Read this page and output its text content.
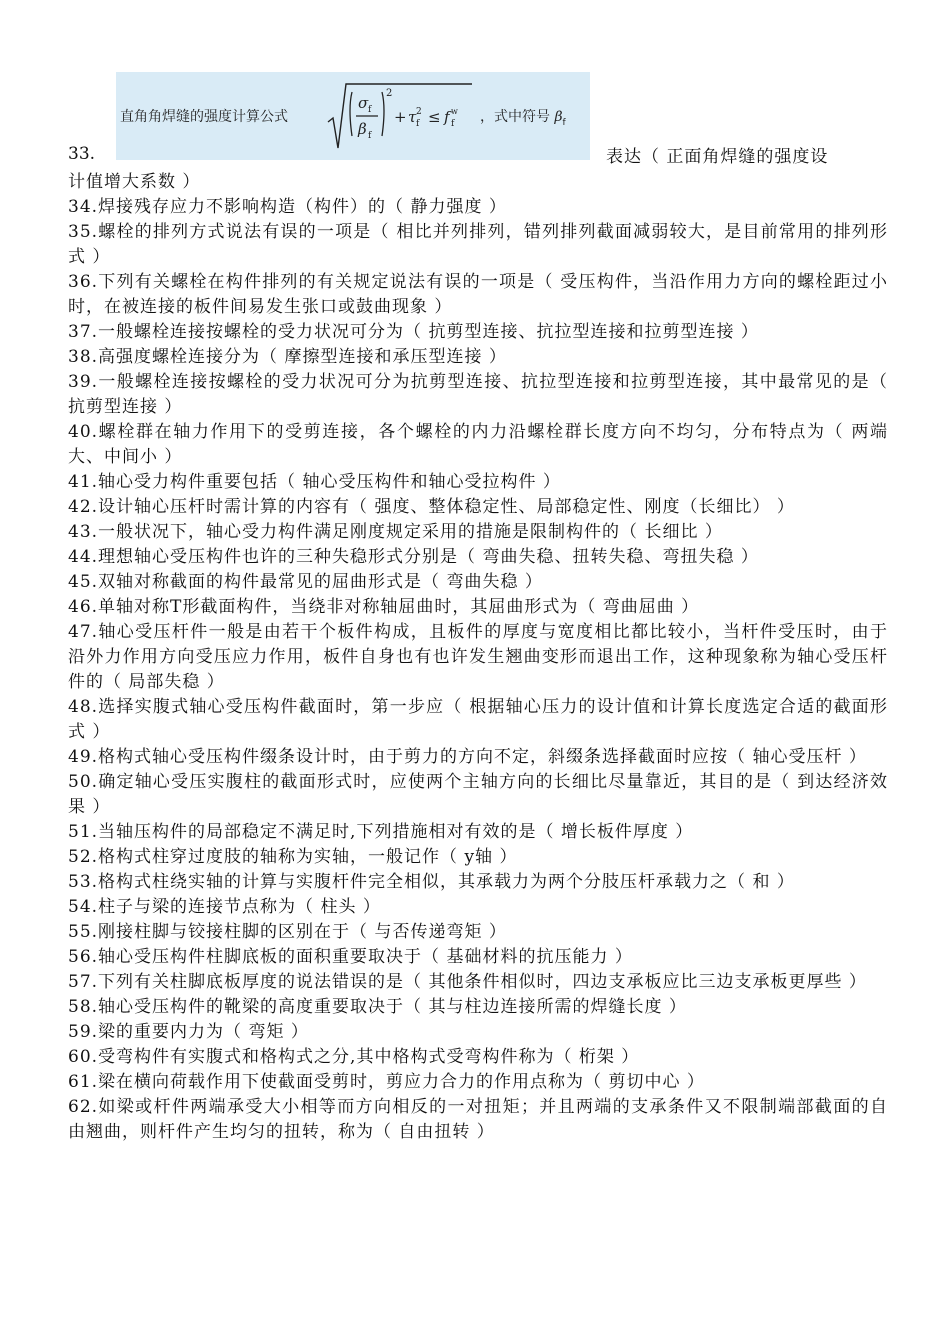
33.
直角角焊缝的强度计算公式
σ f
β f
2
+ τ f
2 ≤ f f
w ，式中符号 $\beta_f$
表达（ 正面角焊缝的强度设
计值增大系数 ）
34.焊接残存应力不影响构造（构件）的（ 静力强度 ）
35.螺栓的排列方式说法有误的一项是（ 相比并列排列，错列排列截面减弱较大，是目前常用的排列形式 ）
36.下列有关螺栓在构件排列的有关规定说法有误的一项是（ 受压构件，当沿作用力方向的螺栓距过小时，在被连接的板件间易发生张口或鼓曲现象 ）
37.一般螺栓连接按螺栓的受力状况可分为（ 抗剪型连接、抗拉型连接和拉剪型连接 ）
38.高强度螺栓连接分为（ 摩擦型连接和承压型连接 ）
39.一般螺栓连接按螺栓的受力状况可分为抗剪型连接、抗拉型连接和拉剪型连接，其中最常见的是（ 抗剪型连接 ）
40.螺栓群在轴力作用下的受剪连接，各个螺栓的内力沿螺栓群长度方向不均匀，分布特点为（ 两端大、中间小 ）
41.轴心受力构件重要包括（ 轴心受压构件和轴心受拉构件 ）
42.设计轴心压杆时需计算的内容有（ 强度、整体稳定性、局部稳定性、刚度（长细比） ）
43.一般状况下，轴心受力构件满足刚度规定采用的措施是限制构件的（ 长细比 ）
44.理想轴心受压构件也许的三种失稳形式分别是（ 弯曲失稳、扭转失稳、弯扭失稳 ）
45.双轴对称截面的构件最常见的屈曲形式是（ 弯曲失稳 ）
46.单轴对称T形截面构件，当绕非对称轴屈曲时，其屈曲形式为（ 弯曲屈曲 ）
47.轴心受压杆件一般是由若干个板件构成，且板件的厚度与宽度相比都比较小，当杆件受压时，由于沿外力作用方向受压应力作用，板件自身也有也许发生翘曲变形而退出工作，这种现象称为轴心受压杆件的（ 局部失稳 ）
48.选择实腹式轴心受压构件截面时，第一步应（ 根据轴心压力的设计值和计算长度选定合适的截面形式 ）
49.格构式轴心受压构件缀条设计时，由于剪力的方向不定，斜缀条选择截面时应按（ 轴心受压杆 ）
50.确定轴心受压实腹柱的截面形式时，应使两个主轴方向的长细比尽量靠近，其目的是（ 到达经济效果 ）
51.当轴压构件的局部稳定不满足时,下列措施相对有效的是（ 增长板件厚度 ）
52.格构式柱穿过度肢的轴称为实轴，一般记作（ y轴 ）
53.格构式柱绕实轴的计算与实腹杆件完全相似，其承载力为两个分肢压杆承载力之（ 和 ）
54.柱子与梁的连接节点称为（ 柱头 ）
55.刚接柱脚与铰接柱脚的区别在于（ 与否传递弯矩 ）
56.轴心受压构件柱脚底板的面积重要取决于（ 基础材料的抗压能力 ）
57.下列有关柱脚底板厚度的说法错误的是（ 其他条件相似时，四边支承板应比三边支承板更厚些 ）
58.轴心受压构件的靴梁的高度重要取决于（ 其与柱边连接所需的焊缝长度 ）
59.梁的重要内力为（ 弯矩 ）
60.受弯构件有实腹式和格构式之分,其中格构式受弯构件称为（ 桁架 ）
61.梁在横向荷载作用下使截面受剪时，剪应力合力的作用点称为（ 剪切中心 ）
62.如梁或杆件两端承受大小相等而方向相反的一对扭矩；并且两端的支承条件又不限制端部截面的自由翘曲，则杆件产生均匀的扭转，称为（ 自由扭转 ）
